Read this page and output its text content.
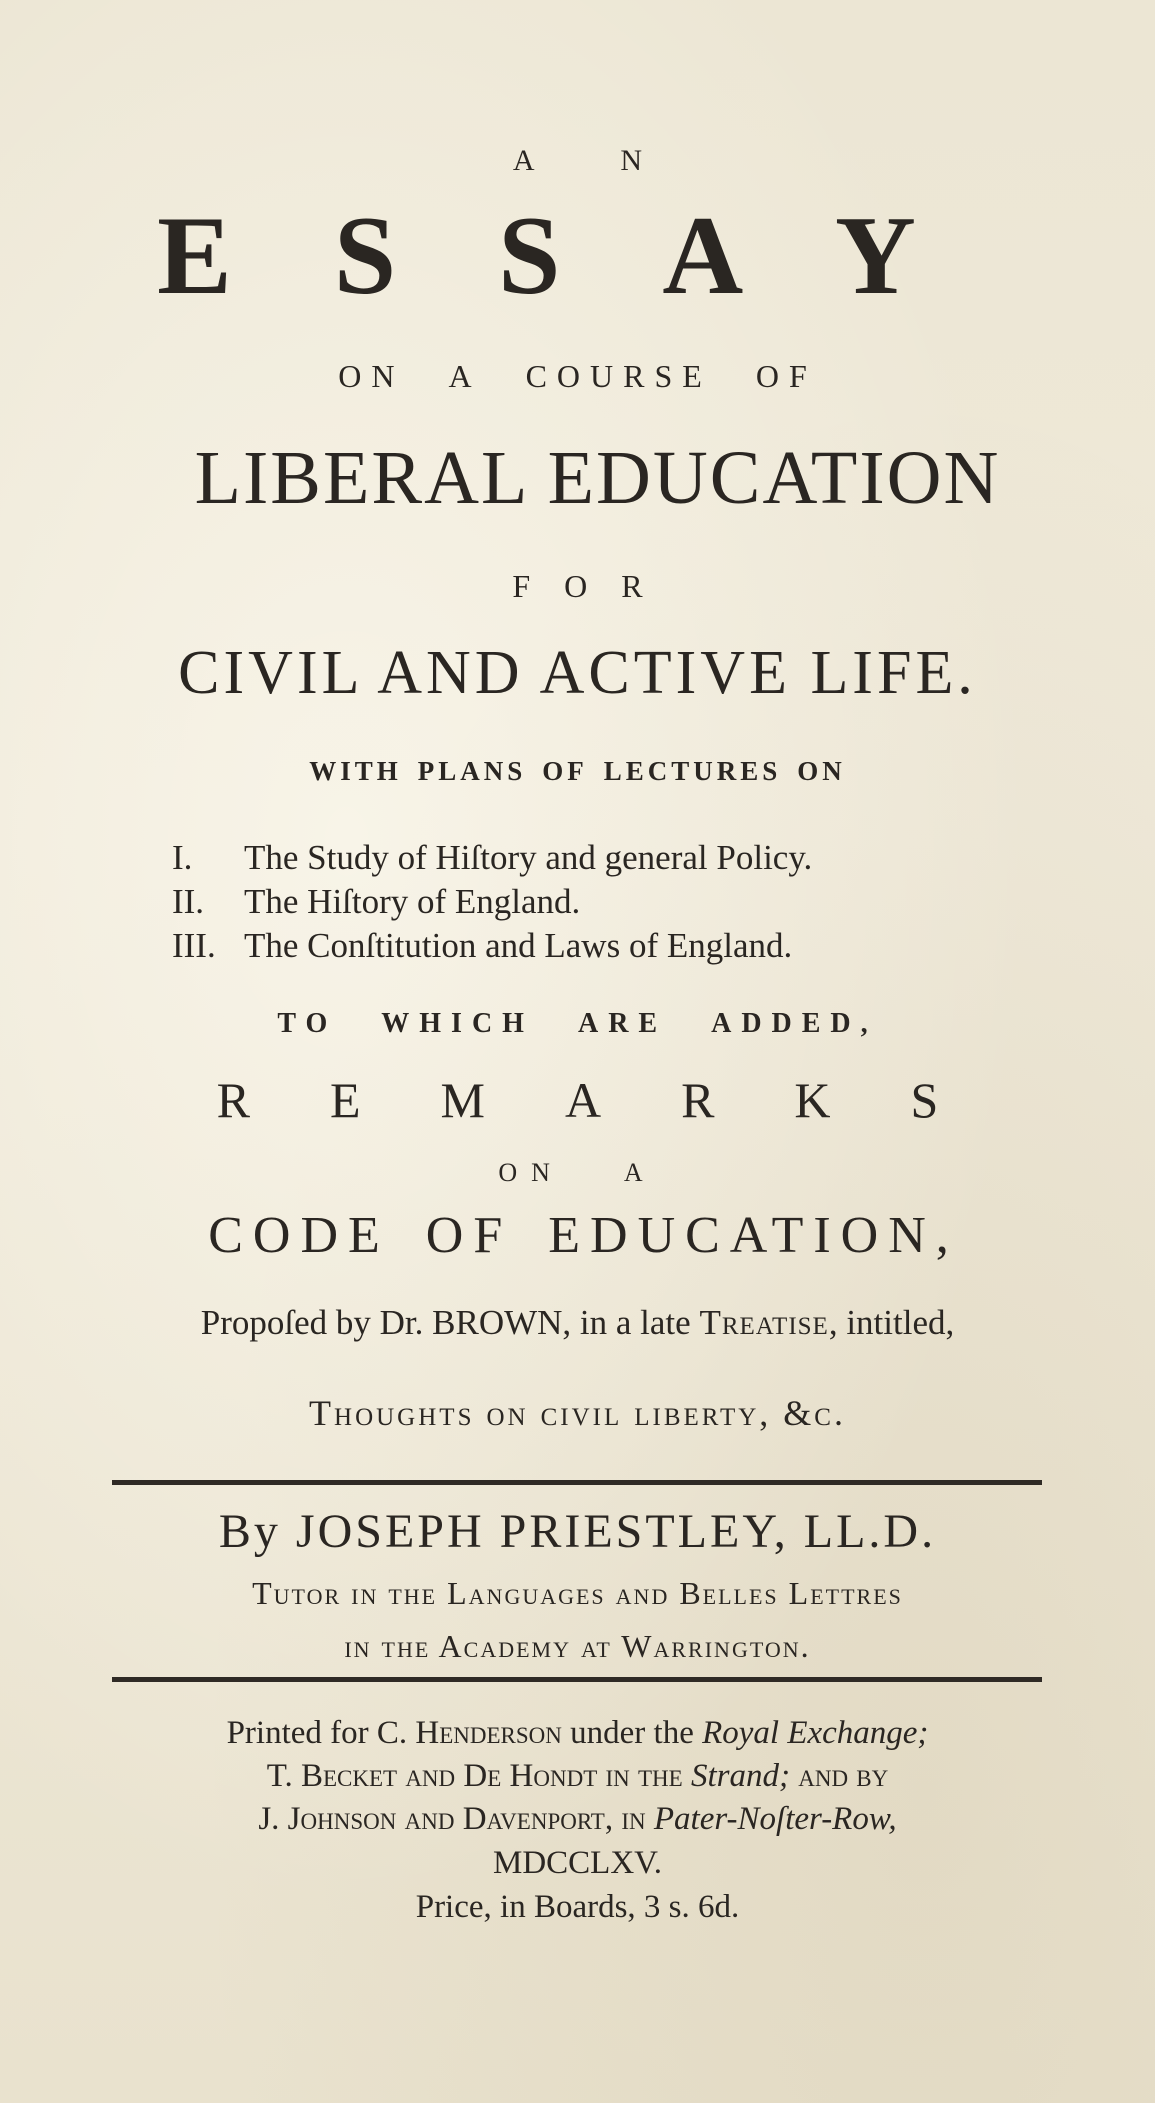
A N

ESSAY

ON A COURSE OF

LIBERAL EDUCATION

FOR

CIVIL AND ACTIVE LIFE.

WITH PLANS OF LECTURES ON

I.	The Study of Hiſtory and general Policy.
II.	The Hiſtory of England.
III. The Conſtitution and Laws of England.

TO WHICH ARE ADDED,

REMARKS

ON A

CODE OF EDUCATION,

Propoſed by Dr. BROWN, in a late Treatise, intitled,

Thoughts on civil liberty, &c.

By JOSEPH PRIESTLEY, LL.D.

Tutor in the Languages and Belles Lettres

in the Academy at Warrington.

Printed for C. Henderson under the Royal Exchange;

T. Becket and De Hondt in the Strand; and by

J. Johnson and Davenport, in Pater-Noſter-Row,

MDCCLXV.

Price, in Boards, 3 s. 6d.
